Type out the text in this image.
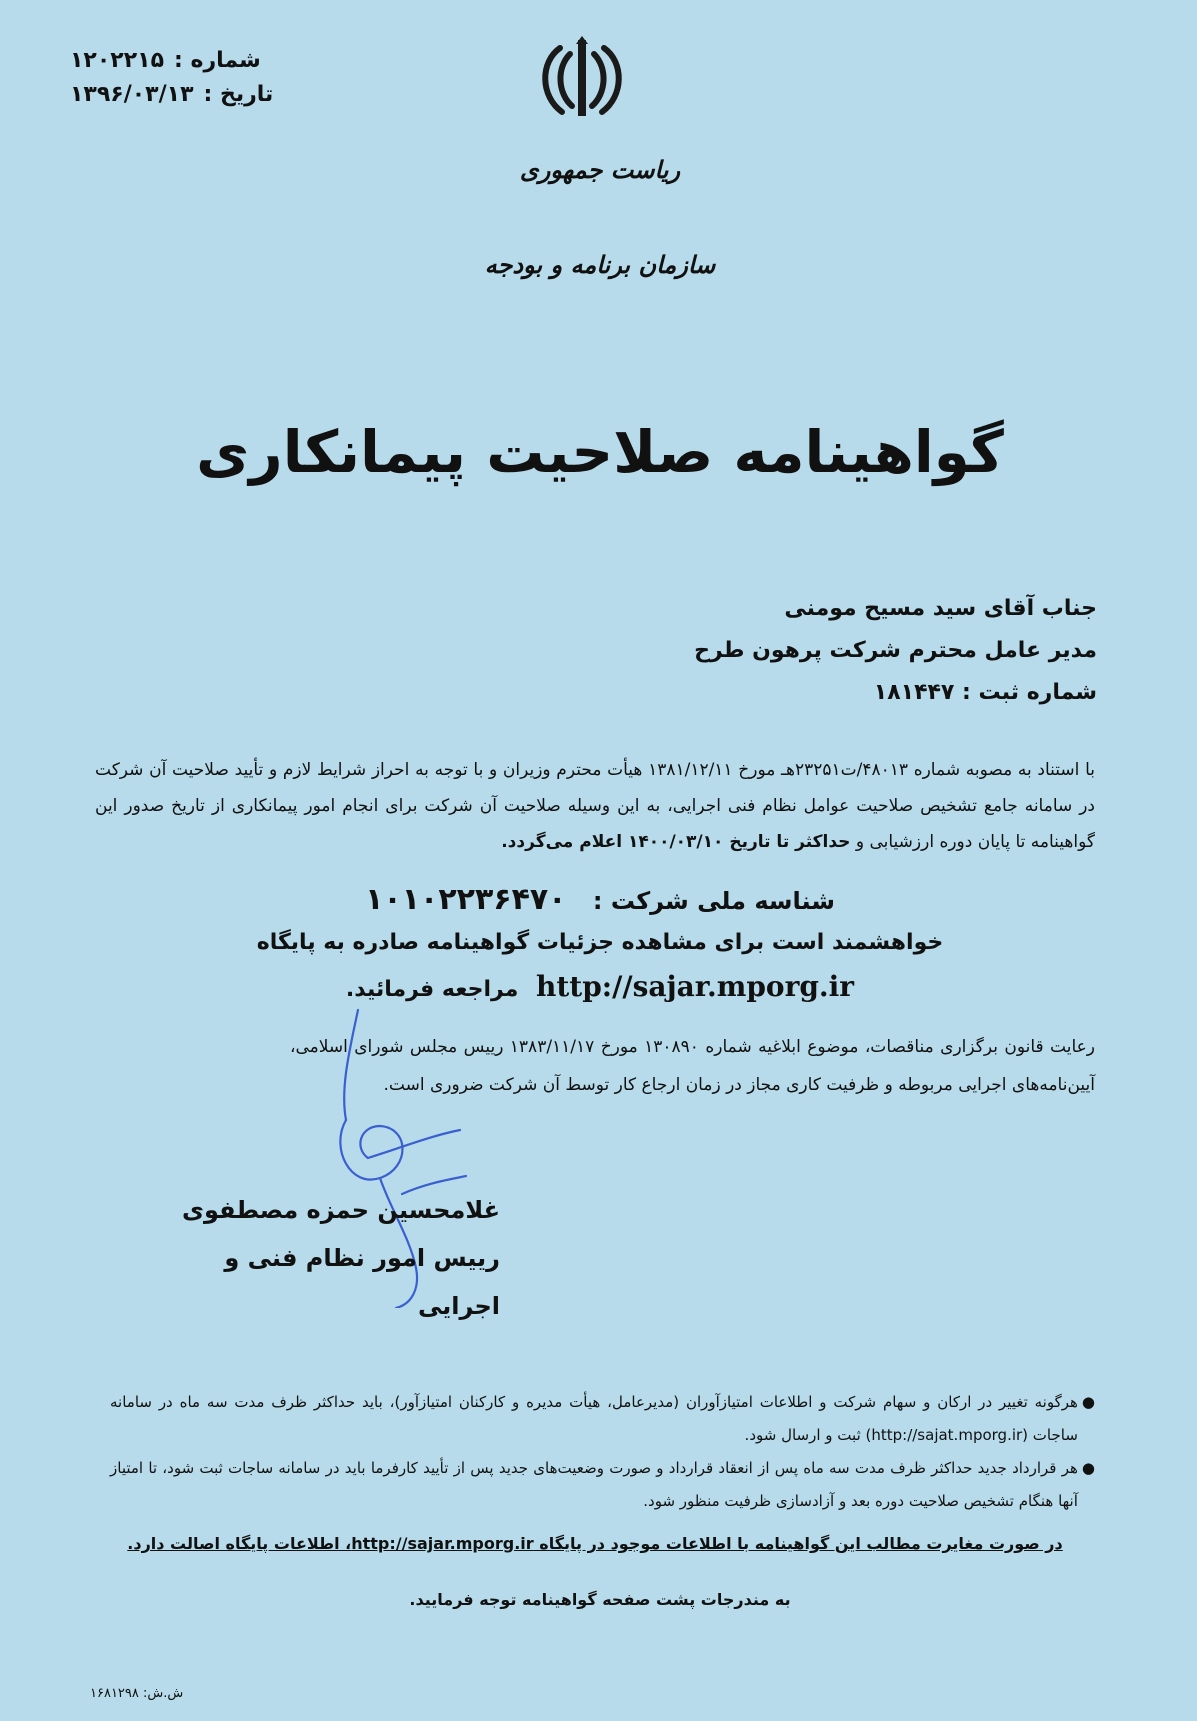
شماره :
۱۲۰۲۲۱۵
تاریخ :
۱۳۹۶/۰۳/۱۳
ریاست جمهوری
سازمان برنامه و بودجه
گواهینامه صلاحیت پیمانکاری
جناب آقای سید مسیح مومنی
مدیر عامل محترم شرکت پرهون طرح
شماره ثبت : ۱۸۱۴۴۷
با استناد به مصوبه شماره ۴۸۰۱۳/ت۲۳۲۵۱هـ مورخ ۱۳۸۱/۱۲/۱۱ هیأت محترم وزیران و با توجه به احراز شرایط لازم و تأیید صلاحیت آن شرکت در سامانه جامع تشخیص صلاحیت عوامل نظام فنی اجرایی، به این وسیله صلاحیت آن شرکت برای انجام امور پیمانکاری از تاریخ صدور این گواهینامه تا پایان دوره ارزشیابی و حداکثر تا تاریخ ۱۴۰۰/۰۳/۱۰ اعلام می‌گردد.
شناسه ملی شرکت : ۱۰۱۰۲۲۳۶۴۷۰
خواهشمند است برای مشاهده جزئیات گواهینامه صادره به پایگاه
http://sajar.mporg.ir مراجعه فرمائید.
رعایت قانون برگزاری مناقصات، موضوع ابلاغیه شماره ۱۳۰۸۹۰ مورخ ۱۳۸۳/۱۱/۱۷ رییس مجلس شورای اسلامی، آیین‌نامه‌های اجرایی مربوطه و ظرفیت کاری مجاز در زمان ارجاع کار توسط آن شرکت ضروری است.
غلامحسین حمزه مصطفوی
رییس امور نظام فنی و اجرایی
●
هرگونه تغییر در ارکان و سهام شرکت و اطلاعات امتیازآوران (مدیرعامل، هیأت مدیره و کارکنان امتیازآور)، باید حداکثر ظرف مدت سه ماه در سامانه ساجات (http://sajat.mporg.ir) ثبت و ارسال شود.
●
هر قرارداد جدید حداکثر ظرف مدت سه ماه پس از انعقاد قرارداد و صورت وضعیت‌های جدید پس از تأیید کارفرما باید در سامانه ساجات ثبت شود، تا امتیاز آنها هنگام تشخیص صلاحیت دوره بعد و آزادسازی ظرفیت منظور شود.
در صورت مغایرت مطالب این گواهینامه با اطلاعات موجود در پایگاه http://sajar.mporg.ir، اطلاعات پایگاه اصالت دارد.
به مندرجات پشت صفحه گواهینامه توجه فرمایید.
ش.ش: ۱۶۸۱۲۹۸
